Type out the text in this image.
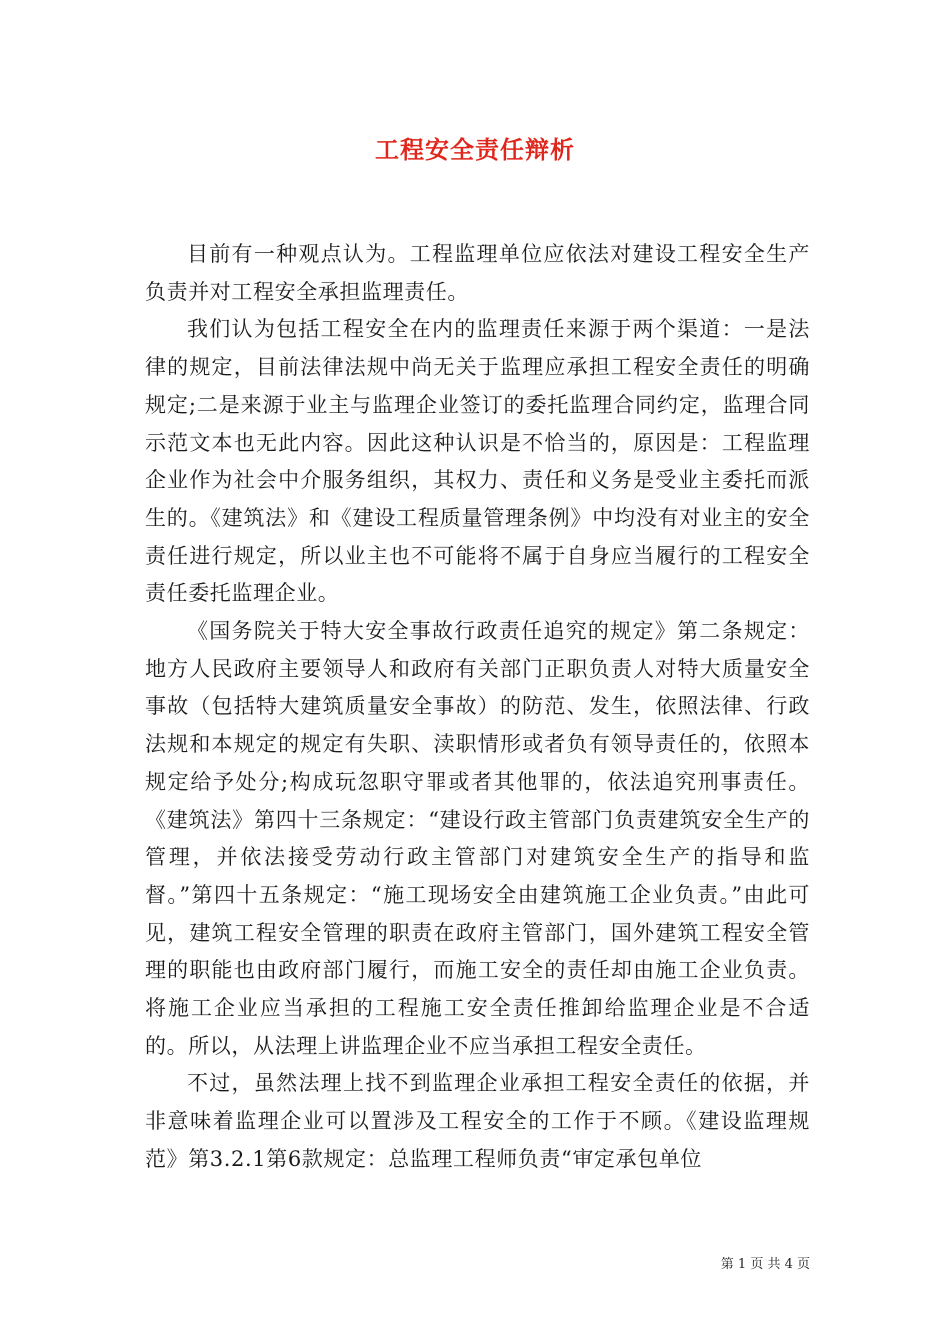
工程安全责任辩析

目前有一种观点认为。工程监理单位应依法对建设工程安全生产负责并对工程安全承担监理责任。

我们认为包括工程安全在内的监理责任来源于两个渠道：一是法律的规定，目前法律法规中尚无关于监理应承担工程安全责任的明确规定;二是来源于业主与监理企业签订的委托监理合同约定，监理合同示范文本也无此内容。因此这种认识是不恰当的，原因是：工程监理企业作为社会中介服务组织，其权力、责任和义务是受业主委托而派生的。《建筑法》和《建设工程质量管理条例》中均没有对业主的安全责任进行规定，所以业主也不可能将不属于自身应当履行的工程安全责任委托监理企业。

《国务院关于特大安全事故行政责任追究的规定》第二条规定：地方人民政府主要领导人和政府有关部门正职负责人对特大质量安全事故（包括特大建筑质量安全事故）的防范、发生，依照法律、行政法规和本规定的规定有失职、渎职情形或者负有领导责任的，依照本规定给予处分;构成玩忽职守罪或者其他罪的，依法追究刑事责任。《建筑法》第四十三条规定：“建设行政主管部门负责建筑安全生产的管理，并依法接受劳动行政主管部门对建筑安全生产的指导和监督。”第四十五条规定：“施工现场安全由建筑施工企业负责。”由此可见，建筑工程安全管理的职责在政府主管部门，国外建筑工程安全管理的职能也由政府部门履行，而施工安全的责任却由施工企业负责。将施工企业应当承担的工程施工安全责任推卸给监理企业是不合适的。所以，从法理上讲监理企业不应当承担工程安全责任。

不过，虽然法理上找不到监理企业承担工程安全责任的依据，并非意味着监理企业可以置涉及工程安全的工作于不顾。《建设监理规范》第3.2.1第6款规定：总监理工程师负责“审定承包单位

第 1 页 共 4 页
